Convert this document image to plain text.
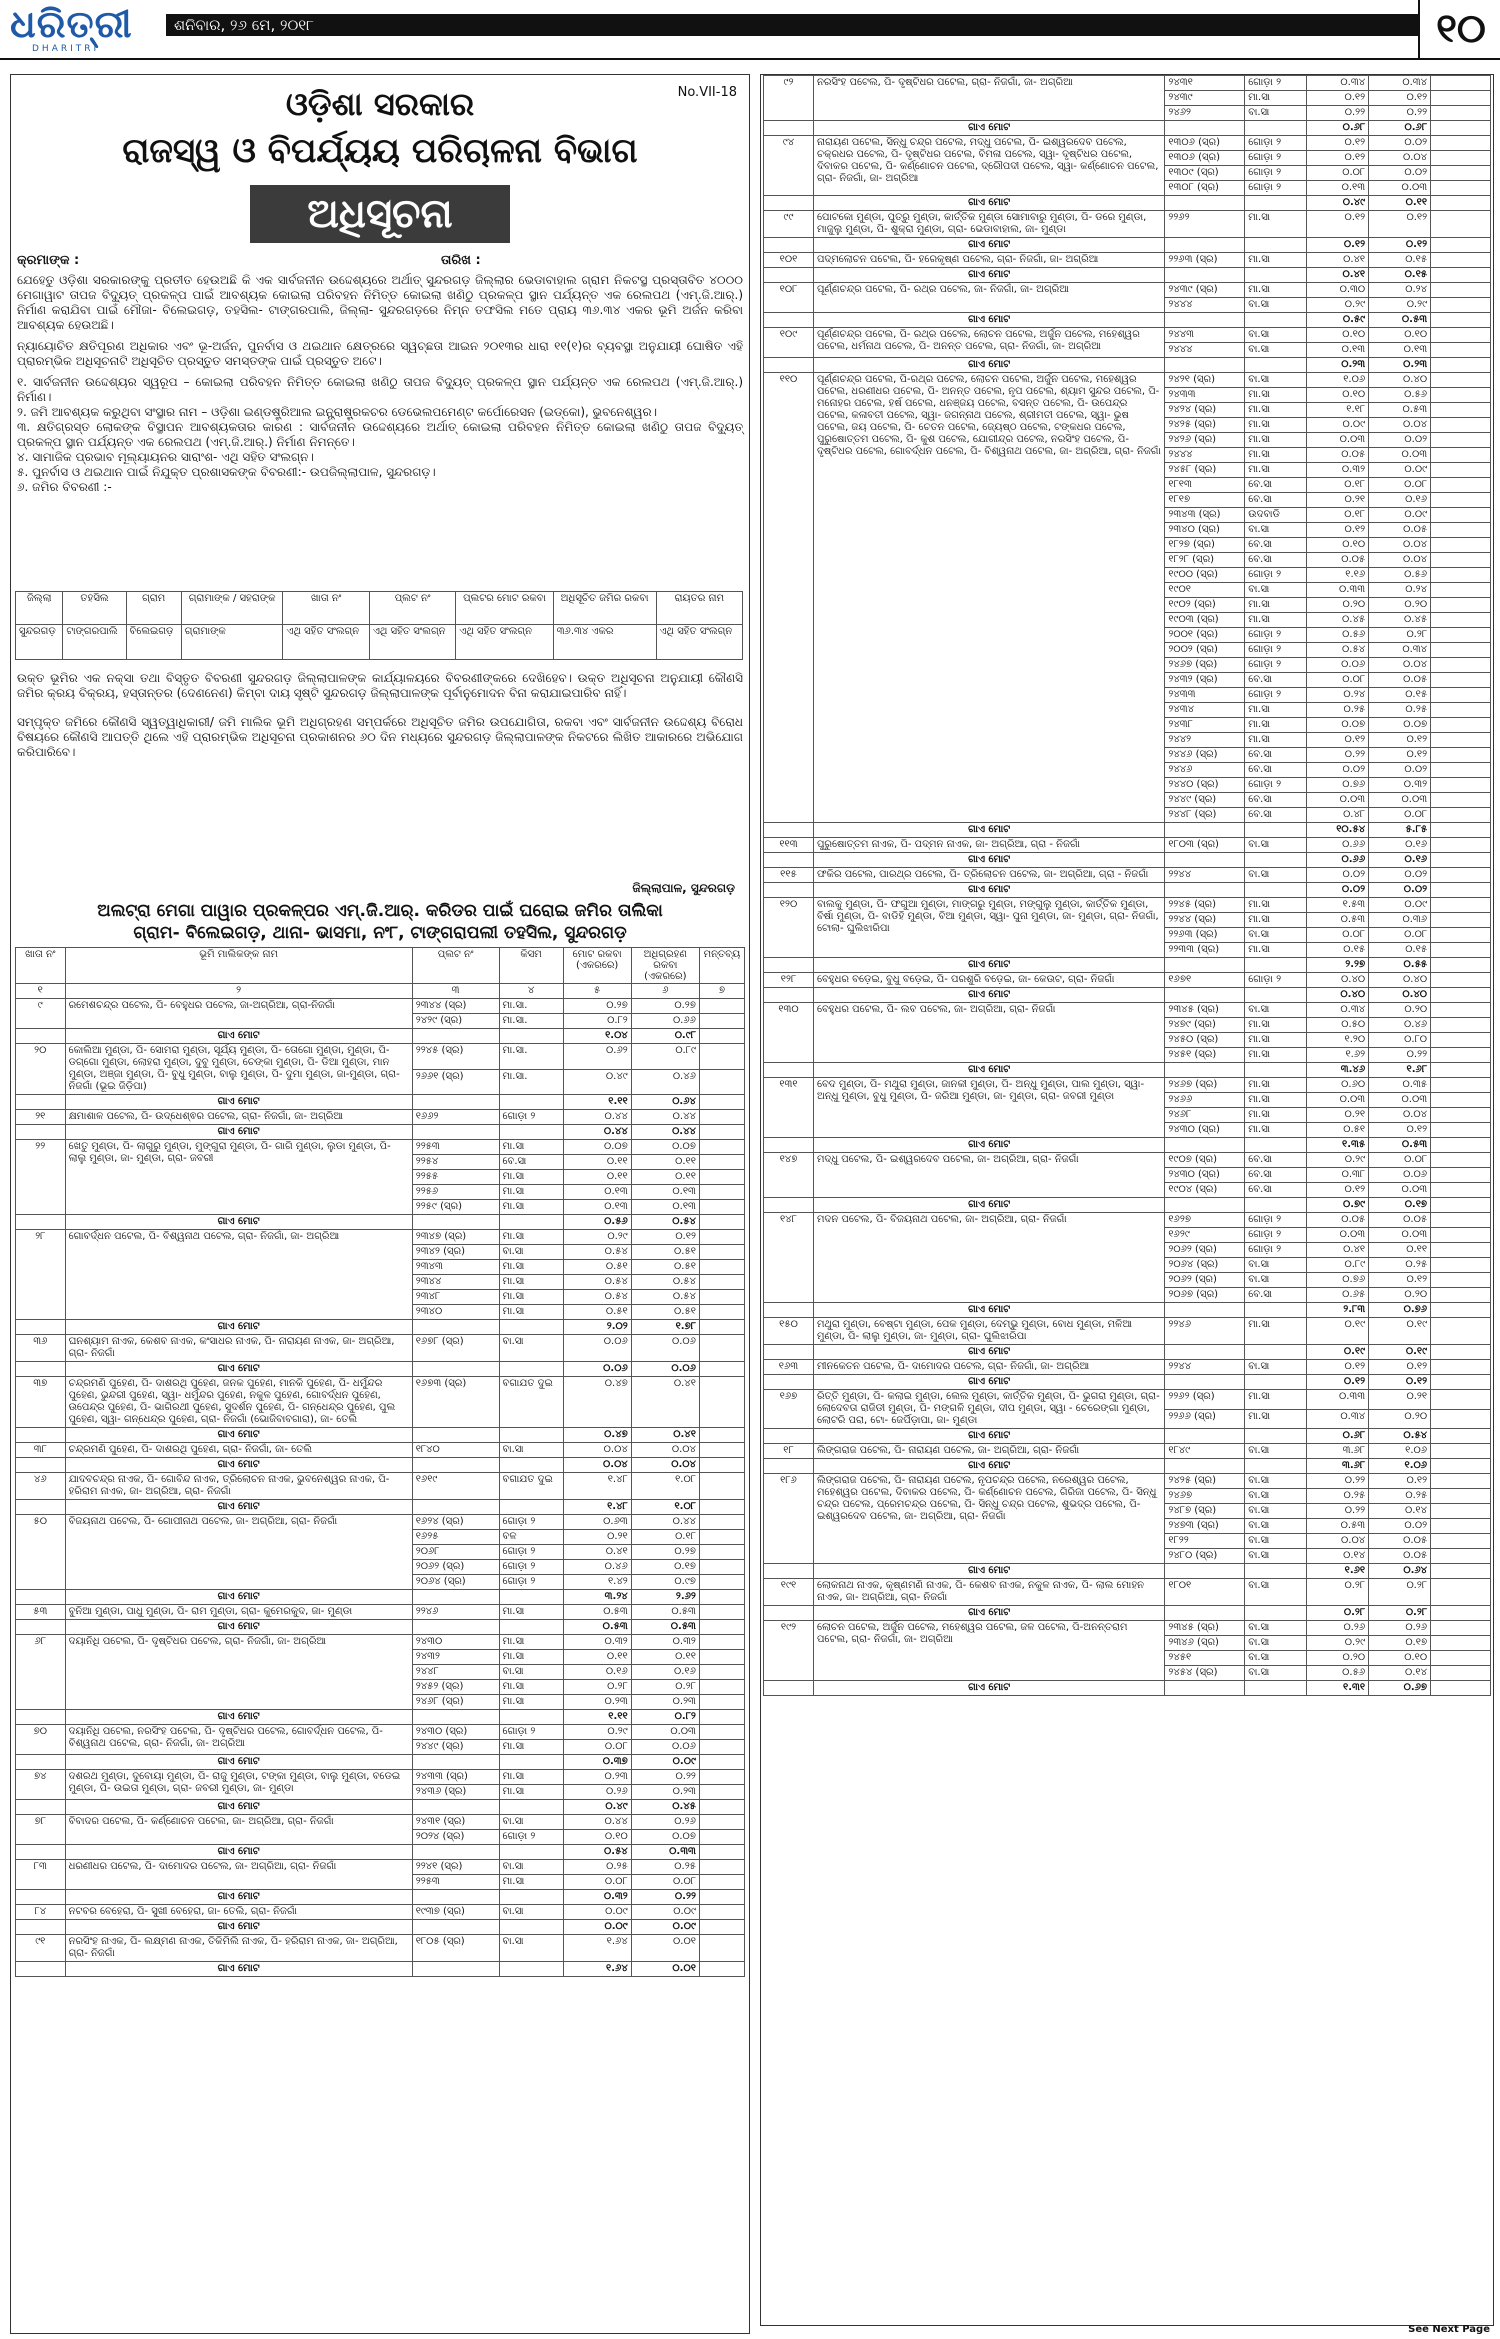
ଧରିତ୍ରୀ
DHARITRI
ଶନିବାର, ୨୬ ମେ, ୨୦୧୮	୧୦
No.VII-18
ଓଡ଼ିଶା ସରକାର
ରାଜସ୍ୱ ଓ ବିପର୍ଯ୍ୟୟ ପରିଚାଳନା ବିଭାଗ
ଅଧିସୂଚନା
କ୍ରମାଙ୍କ :	ତାରିଖ :
ଯେହେତୁ ଓଡ଼ିଶା ସରକାରଙ୍କୁ ପ୍ରତୀତ ହେଉଅଛି କି ଏକ ସାର୍ବଜନୀନ ଉଦ୍ଦେଶ୍ୟରେ ଅର୍ଥାତ୍ ସୁନ୍ଦରଗଡ଼ ଜିଲ୍ଲାର ଭେଡାବାହାଲ ଗ୍ରାମ ନିକଟସ୍ଥ ପ୍ରସ୍ତାବିତ ୪୦୦୦ ମେଗାୱାଟ ତାପଜ ବିଦ୍ୟୁତ୍ ପ୍ରକଳ୍ପ ପାଇଁ ଆବଶ୍ୟକ କୋଇଲା ପରିବହନ ନିମିତ୍ତ କୋଇଲା ଖଣିଠୁ ପ୍ରକଳ୍ପ ସ୍ଥାନ ପର୍ଯ୍ୟନ୍ତ ଏକ ରେଲପଥ (ଏମ୍.ଜି.ଆର୍.) ନିର୍ମାଣ କରାଯିବା ପାଇଁ ମୌଜା- ବିଲେଇଗଡ଼, ତହସିଲ- ଟାଙ୍ଗରପାଲି, ଜିଲ୍ଲା- ସୁନ୍ଦରଗଡ଼ରେ ନିମ୍ନ ତଫସିଲ ମତେ ପ୍ରାୟ ୩୬.୩୪ ଏକର ଭୂମି ଅର୍ଜନ କରିବା ଆବଶ୍ୟକ ହେଉଅଛି।
ନ୍ୟାୟୋଚିତ କ୍ଷତିପୂରଣ ଅଧିକାର ଏବଂ ଭୂ-ଅର୍ଜନ, ପୁନର୍ବାସ ଓ ଥଇଥାନ କ୍ଷେତ୍ରରେ ସ୍ୱଚ୍ଛତା ଆଇନ ୨୦୧୩ର ଧାରା ୧୧(୧)ର ବ୍ୟବସ୍ଥା ଅନୁଯାୟୀ ଘୋଷିତ ଏହି ପ୍ରାରମ୍ଭିକ ଅଧିସୂଚନାଟି ଅଧିସୂଚିତ ପ୍ରସ୍ତୁତ ସମସ୍ତଙ୍କ ପାଇଁ ପ୍ରସ୍ତୁତ ଅଟେ।
୧. ସାର୍ବଜନୀନ ଉଦ୍ଦେଶ୍ୟର ସ୍ୱରୂପ – କୋଇଲା ପରିବହନ ନିମିତ୍ତ କୋଇଲା ଖଣିଠୁ ତାପଜ ବିଦ୍ୟୁତ୍ ପ୍ରକଳ୍ପ ସ୍ଥାନ ପର୍ଯ୍ୟନ୍ତ ଏକ ରେଲପଥ (ଏମ୍.ଜି.ଆର୍.) ନିର୍ମାଣ।
୨. ଜମି ଆବଶ୍ୟକ କରୁଥିବା ସଂସ୍ଥାର ନାମ – ଓଡ଼ିଶା ଇଣ୍ଡଷ୍ଟ୍ରିଆଲ ଇନ୍ଫ୍ରାଷ୍ଟ୍ରକଚର ଡେଭେଲପମେଣ୍ଟ କର୍ପୋରେସନ (ଇଡ୍କୋ), ଭୁବନେଶ୍ୱର।
୩. କ୍ଷତିଗ୍ରସ୍ତ ଲୋକଙ୍କ ବିସ୍ଥାପନ ଆବଶ୍ୟକତାର କାରଣ : ସାର୍ବଜନୀନ ଉଦ୍ଦେଶ୍ୟରେ ଅର୍ଥାତ୍ କୋଇଲା ପରିବହନ ନିମିତ୍ତ କୋଇଲା ଖଣିଠୁ ତାପଜ ବିଦ୍ୟୁତ୍ ପ୍ରକଳ୍ପ ସ୍ଥାନ ପର୍ଯ୍ୟନ୍ତ ଏକ ରେଲପଥ (ଏମ୍.ଜି.ଆର୍.) ନିର୍ମାଣ ନିମନ୍ତେ।
୪. ସାମାଜିକ ପ୍ରଭାବ ମୂଲ୍ୟାୟନର ସାରାଂଶ- ଏଥି ସହିତ ସଂଲଗ୍ନ।
୫. ପୁନର୍ବାସ ଓ ଥଇଥାନ ପାଇଁ ନିଯୁକ୍ତ ପ୍ରଶାସକଙ୍କ ବିବରଣୀ:- ଉପଜିଲ୍ଲାପାଳ, ସୁନ୍ଦରଗଡ଼।
୬. ଜମିର ବିବରଣୀ :-
ଜିଲ୍ଲା	ତହସିଲ	ଗ୍ରାମ	ଗ୍ରାମାଙ୍କ / ସହରାଙ୍କ	ଖାତା ନଂ	ପ୍ଲଟ ନଂ	ପ୍ଲଟର ମୋଟ ରକବା	ଅଧିସୂଚିତ ଜମିର ରକବା	ରାୟତର ନାମ
ସୁନ୍ଦରଗଡ଼	ଟାଙ୍ଗରପାଲି	ବିଲେଇଗଡ଼	ଗ୍ରାମାଙ୍କ	ଏଥି ସହିତ ସଂଲଗ୍ନ	ଏଥି ସହିତ ସଂଲଗ୍ନ	ଏଥି ସହିତ ସଂଲଗ୍ନ	୩୬.୩୪ ଏକର	ଏଥି ସହିତ ସଂଲଗ୍ନ
ଉକ୍ତ ଭୂମିର ଏକ ନକ୍ସା ତଥା ବିସ୍ତୃତ ବିବରଣୀ ସୁନ୍ଦରଗଡ଼ ଜିଲ୍ଲାପାଳଙ୍କ କାର୍ଯ୍ୟାଳୟରେ ବିବରଣୀଙ୍କରେ ଦେଖିହେବ। ଉକ୍ତ ଅଧିସୂଚନା ଅନୁଯାୟୀ କୌଣସି ଜମିର କ୍ରୟ ବିକ୍ରୟ, ହସ୍ତାନ୍ତର (ଦେଣନେଣ) କିମ୍ବା ଦାୟ ସୃଷ୍ଟି ସୁନ୍ଦରଗଡ଼ ଜିଲ୍ଲାପାଳଙ୍କ ପୂର୍ବାନୁମୋଦନ ବିନା କରାଯାଇପାରିବ ନାହିଁ।
ସମ୍ପୃକ୍ତ ଜମିରେ କୌଣସି ସ୍ୱତ୍ୱାଧିକାରୀ/ ଜମି ମାଲିକ ଭୂମି ଅଧିଗ୍ରହଣ ସମ୍ପର୍କରେ ଅଧିସୂଚିତ ଜମିର ଉପଯୋଗିତା, ରକବା ଏବଂ ସାର୍ବଜନୀନ ଉଦ୍ଦେଶ୍ୟ ବିରୋଧ ବିଷୟରେ କୌଣସି ଆପତ୍ତି ଥିଲେ ଏହି ପ୍ରାରମ୍ଭିକ ଅଧିସୂଚନା ପ୍ରକାଶନର ୬୦ ଦିନ ମଧ୍ୟରେ ସୁନ୍ଦରଗଡ଼ ଜିଲ୍ଲାପାଳଙ୍କ ନିକଟରେ ଲିଖିତ ଆକାରରେ ଅଭିଯୋଗ କରିପାରିବେ।
ଜିଲ୍ଲାପାଳ, ସୁନ୍ଦରଗଡ଼
ଅଲଟ୍ରା ମେଗା ପାୱାର ପ୍ରକଳ୍ପର ଏମ୍.ଜି.ଆର୍. କରିଡର ପାଇଁ ଘରୋଇ ଜମିର ତାଲିକା
ଗ୍ରାମ- ବିଲେଇଗଡ଼, ଥାନା- ଭାସମା, ନଂ୮, ଟାଙ୍ଗରାପଲୀ ତହସିଲ, ସୁନ୍ଦରଗଡ଼
ଖାତା ନଂ	ଭୂମି ମାଲିକଙ୍କ ନାମ	ପ୍ଲଟ ନଂ	କିସମ	ମୋଟ ରକବା (ଏକରରେ)	ଅଧିଗ୍ରହଣ ରକବା (ଏକରରେ)	ମନ୍ତବ୍ୟ
୧	୨	୩	୪	୫	୬	୭
୯	ରମେଶଚନ୍ଦ୍ର ପଟେଲ, ପି- ବେହୁଧର ପଟେଲ, ଜା-ଅଗ୍ରିଆ, ଗ୍ରା-ନିଜଗାଁ	୨୩୪୪ (ସ୍ର)	ମା.ସା.	୦.୨୭	୦.୨୭	
		୨୪୨୯ (ସ୍ର)	ମା.ସା.	୦.୮୨	୦.୬୬	
	ଗାଏ ମୋଟ			୧.୦୪	୦.୯୮	
୨୦	କୋଲିଆ ମୁଣ୍ଡା, ପି- ସୋମରା ମୁଣ୍ଡା, ସୂର୍ଯ୍ୟ ମୁଣ୍ଡା, ପି- ତୋଗୋ ମୁଣ୍ଡା, ମୁଣ୍ଡା, ପି- ଡଗ୍ଗୋ ମୁଣ୍ଡା, ଲୋହରା ମୁଣ୍ଡା, ଦୁବୁ ମୁଣ୍ଡା, ଚେଙ୍କା ମୁଣ୍ଡା, ପି- ଡିଆ ମୁଣ୍ଡା, ମାନ ମୁଣ୍ଡା, ଅଞ୍ଜା ମୁଣ୍ଡା, ପି- ବୁଧୁ ମୁଣ୍ଡା, ବାଲୁ ମୁଣ୍ଡା, ପି- ଦୁମା ମୁଣ୍ଡା, ଜା-ମୁଣ୍ଡା, ଗ୍ରା- ନିଜଗାଁ (ଭୂଇ ଜିଡ଼ିପା)	୨୨୪୫ (ସ୍ର)	ମା.ସା.	୦.୬୨	୦.୮୯	
		୨୬୬୧ (ସ୍ର)	ମା.ସା.	୦.୪୯	୦.୪୬	
	ଗାଏ ମୋଟ			୧.୧୧	୦.୬୪	
୨୧	କ୍ଷମାଶାଳ ପଟେଲ, ପି- ଉଦ୍ଧେଶ୍ଵର ପଟେଲ, ଗ୍ରା- ନିଜଗାଁ, ଜା- ଅଗ୍ରିଆ	୧୬୬୨	ଗୋଡ଼ା ୨	୦.୪୪	୦.୪୪	
	ଗାଏ ମୋଟ			୦.୪୪	୦.୪୪	
୨୨	ଖେତୁ ମୁଣ୍ଡା, ପି- ଲାଗୁରୁ ମୁଣ୍ଡା, ମୁଙ୍ଗୁରା ମୁଣ୍ଡା, ପି- ଗାଗି ମୁଣ୍ଡା, ଲୁଡା ମୁଣ୍ଡା, ପି- ଲାଲୁ ମୁଣ୍ଡା, ଜା- ମୁଣ୍ଡା, ଗ୍ରା- ଜବରୀ	୨୨୫୩	ମା.ସା	୦.୦୭	୦.୦୭	
		୨୨୫୪	ବେ.ସା	୦.୧୧	୦.୧୧	
		୨୨୫୫	ମା.ସା	୦.୧୧	୦.୧୧	
		୨୨୫୬	ମା.ସା	୦.୧୩	୦.୧୩	
		୨୨୫୯ (ସ୍ର)	ମା.ସା	୦.୧୩	୦.୧୩	
	ଗାଏ ମୋଟ			୦.୫୬	୦.୫୪	
୨୮	ଗୋବର୍ଦ୍ଧନ ପଟେଲ, ପି- ବିଶ୍ୱନାଥ ପଟେଲ, ଗ୍ରା- ନିଜଗାଁ, ଜା- ଅଗ୍ରିଆ	୨୩୪୭ (ସ୍ର)	ମା.ସା	୦.୨୯	୦.୧୨	
		୨୩୪୨ (ସ୍ର)	ବା.ସା	୦.୫୪	୦.୫୧	
		୨୩୪୩	ମା.ସା	୦.୫୧	୦.୫୧	
		୨୩୪୪	ମା.ସା	୦.୫୪	୦.୫୪	
		୨୩୪୮	ମା.ସା	୦.୫୪	୦.୫୪	
		୨୩୪୦	ମା.ସା	୦.୫୧	୦.୫୧	
	ଗାଏ ମୋଟ			୨.୦୨	୧.୭୮	
୩୬	ଘନଶ୍ୟାମ ନାଏକ, କେଶବ ନାଏକ, କଂସାଧର ନାଏକ, ପି- ନାରାୟଣ ନାଏକ, ଜା- ଅଗ୍ରିଆ, ଗ୍ରା- ନିଜଗାଁ	୧୬୭୮ (ସ୍ର)	ବା.ସା	୦.୦୬	୦.୦୬	
	ଗାଏ ମୋଟ			୦.୦୬	୦.୦୬	
୩୭	ଚନ୍ଦ୍ରମଣି ପୁହେଣ, ପି- ଦାଶରଥି ପୁହେଣ, ଜନକ ପୁହେଣ, ମାନକି ପୁହେଣ, ପି- ଧର୍ମୁନ୍ଦର ପୁହେଣ, ଭୁନ୍ଦରୀ ପୁହେଣ, ସ୍ୱା- ଧର୍ମୁନ୍ଦର ପୁହେଣ, ନକୁଳ ପୁହେଣ, ଗୋବର୍ଦ୍ଧନ ପୁହେଣ, ଉପେନ୍ଦ୍ର ପୁହେଣ, ପି- ଭାଗିରଥୀ ପୁହେଣ, ସୁଦର୍ଶନ ପୁହେଣ, ପି- ଗନ୍ଧେନ୍ଦ୍ର ପୁହେଣ, ପୁଲ ପୁହେଣ, ସ୍ୱା- ଗନ୍ଧେନ୍ଦ୍ର ପୁହେଣ, ଗ୍ରା- ନିଜଗାଁ (ଭୋଜିବାବଗାରା), ଜା- ତେଲି	୧୬୭୩ (ସ୍ର)	ବଗାଯତ ଦୁଇ	୦.୪୭	୦.୪୧	
	ଗାଏ ମୋଟ			୦.୪୭	୦.୪୧	
୩୮	ଚନ୍ଦ୍ରମଣି ପୁହେଣ, ପି- ଦାଶରଥି ପୁହେଣ, ଗ୍ରା- ନିଜଗାଁ, ଜା- ତେଲି	୧୮୪୦	ବା.ସା	୦.୦୪	୦.୦୪	
	ଗାଏ ମୋଟ			୦.୦୪	୦.୦୪	
୪୬	ଯାଦବଚନ୍ଦ୍ର ନାଏକ, ପି- ଗୋବିନ୍ଦ ନାଏକ, ତ୍ରିଲୋଚନ ନାଏକ, ଭୁବନେଶ୍ୱର ନାଏକ, ପି- ହରିରାମ ନାଏକ, ଜା- ଅଗ୍ରିଆ, ଗ୍ରା- ନିଜଗାଁ	୧୬୧୯	ବଗାଯତ ଦୁଇ	୧.୪୮	୧.୦୮	
	ଗାଏ ମୋଟ			୧.୪୮	୧.୦୮	
୫୦	ବିଜୟନାଥ ପଟେଲ, ପି- ଗୋପୀନାଥ ପଟେଲ, ଜା- ଅଗ୍ରିଆ, ଗ୍ରା- ନିଜଗାଁ	୧୬୨୪ (ସ୍ର)	ଗୋଡ଼ା ୨	୦.୬୩	୦.୪୪	
		୧୬୨୫	ବଳ	୦.୨୧	୦.୧୮	
		୨୦୬୮	ଗୋଡ଼ା ୨	୦.୪୧	୦.୨୭	
		୨୦୬୨ (ସ୍ର)	ଗୋଡ଼ା ୨	୦.୪୬	୦.୧୭	
		୨୦୬୪ (ସ୍ର)	ଗୋଡ଼ା ୨	୧.୪୨	୦.୯୭	
	ଗାଏ ମୋଟ			୩.୨୪	୨.୬୨	
୫୩	ବୁନିଆ ମୁଣ୍ଡା, ପାଧୁ ମୁଣ୍ଡା, ପି- ରାମ ମୁଣ୍ଡା, ଗ୍ରା- କୁମେରକୁଦ, ଜା- ମୁଣ୍ଡା	୨୨୪୬	ମା.ସା	୦.୫୩	୦.୫୩	
	ଗାଏ ମୋଟ			୦.୫୩	୦.୫୩	
୬୮	ଦୟାନିଧି ପଟେଲ, ପି- ଦୃଷ୍ଟିଧର ପଟେଲ, ଗ୍ରା- ନିଜଗାଁ, ଜା- ଅଗ୍ରିଆ	୨୪୩୦	ମା.ସା	୦.୩୨	୦.୩୨	
		୨୪୩୨	ମା.ସା	୦.୧୧	୦.୧୧	
		୨୪୪୮	ବା.ସା	୦.୧୬	୦.୧୬	
		୨୪୫୨ (ସ୍ର)	ମା.ସା	୦.୨୮	୦.୨୮	
		୨୪୬୮ (ସ୍ର)	ମା.ସା	୦.୨୩	୦.୨୩	
	ଗାଏ ମୋଟ			୧.୧୧	୦.୮୨	
୭୦	ଦୟାନିଧି ପଟେଲ, ନରସିଂହ ପଟେଲ, ପି- ଦୃଷ୍ଟିଧର ପଟେଲ, ଗୋବର୍ଦ୍ଧନ ପଟେଲ, ପି- ବିଶ୍ୱନାଥ ପଟେଲ, ଗ୍ରା- ନିଜଗାଁ, ଜା- ଅଗ୍ରିଆ	୨୪୩୦ (ସ୍ର)	ଗୋଡ଼ା ୨	୦.୨୯	୦.୦୩	
		୨୪୪୯ (ସ୍ର)	ମା.ସା	୦.୦୮	୦.୦୬	
	ଗାଏ ମୋଟ			୦.୩୭	୦.୦୯	
୭୪	ଦଶରଥ ମୁଣ୍ଡା, ଦୁବୋୟା ମୁଣ୍ଡା, ପି- ରାଜୁ ମୁଣ୍ଡା, ଟଙ୍କା ମୁଣ୍ଡା, ବାଲୁ ମୁଣ୍ଡା, ବଡେଇ ମୁଣ୍ଡା, ପି- ଉଇତା ମୁଣ୍ଡା, ଗ୍ରା- ଜବରୀ ମୁଣ୍ଡା, ଜା- ମୁଣ୍ଡା	୨୪୩୩ (ସ୍ର)	ମା.ସା	୦.୨୩	୦.୨୨	
		୨୪୩୬ (ସ୍ର)	ମା.ସା	୦.୨୬	୦.୨୩	
	ଗାଏ ମୋଟ			୦.୪୯	୦.୪୫	
୭୮	ବିବାଦର ପଟେଲ, ପି- କର୍ଣ୍ଣୋଚନ ପଟେଲ, ଜା- ଅଗ୍ରିଆ, ଗ୍ରା- ନିଜଗାଁ	୨୪୩୧ (ସ୍ର)	ବା.ସା	୦.୪୪	୦.୨୬	
		୨୦୨୪ (ସ୍ର)	ଗୋଡ଼ା ୨	୦.୧୦	୦.୦୭	
	ଗାଏ ମୋଟ			୦.୫୪	୦.୩୩	
୮୩	ଧରଣୀଧର ପଟେଲ, ପି- ଦାମୋଦର ପଟେଲ, ଜା- ଅଗ୍ରିଆ, ଗ୍ରା- ନିଜଗାଁ	୨୨୪୧ (ସ୍ର)	ବା.ସା	୦.୨୫	୦.୨୫	
		୨୨୫୩	ମା.ସା	୦.୦୮	୦.୦୮	
	ଗାଏ ମୋଟ			୦.୩୨	୦.୨୨	
୮୪	ନଟବର ବେହେରା, ପି- ସୁଖୀ ବେହେରା, ଜା- ତେଲି, ଗ୍ରା- ନିଜଗାଁ	୧୯୩୭ (ସ୍ର)	ବା.ସା	୦.୦୯	୦.୦୯	
	ଗାଏ ମୋଟ			୦.୦୯	୦.୦୯	
୯୧	ନରସିଂହ ନାଏକ, ପି- ଲକ୍ଷ୍ମଣ ନାଏକ, ତିକିମିଲି ନାଏକ, ପି- ହରିରାମ ନାଏକ, ଜା- ଅଗ୍ରିଆ, ଗ୍ରା- ନିଜଗାଁ	୧୮୦୫ (ସ୍ର)	ବା.ସା	୧.୬୪	୦.୦୧	
	ଗାଏ ମୋଟ			୧.୬୪	୦.୦୧	
୯୨	ନରସିଂହ ପଟେଲ, ପି- ଦୃଷ୍ଟିଧର ପଟେଲ, ଗ୍ରା- ନିଜଗାଁ, ଜା- ଅଗ୍ରିଆ	୨୪୩୧	ଗୋଡ଼ା ୨	୦.୩୪	୦.୩୪	
		୨୪୩୯	ମା.ସା	୦.୧୨	୦.୧୨	
		୨୪୬୨	ବା.ସା	୦.୨୨	୦.୨୨	
	ଗାଏ ମୋଟ			୦.୬୮	୦.୬୮	
୯୪	ନାରାୟଣ ପଟେଲ, ସିନ୍ଧୁ ଚନ୍ଦ୍ର ପଟେଲ, ମଦ୍ଧୁ ପଟେଲ, ପି- ଇଶ୍ୱରଦେବ ପଟେଲ, ଚକ୍ରଧର ପଟେଲ, ପି- ଦୃଷ୍ଟିଧର ପଟେଲ, ବିମଳା ପଟେଲ, ସ୍ୱା- ଦୃଷ୍ଟିଧର ପଟେଲ, ଦିବାକର ପଟେଲ, ପି- କର୍ଣ୍ଣୋଚନ ପଟେଲ, ଦ୍ରୌପଦୀ ପଟେଲ, ସ୍ୱା- କର୍ଣ୍ଣୋଚନ ପଟେଲ, ଗ୍ରା- ନିଜଗାଁ, ଜା- ଅଗ୍ରିଆ	୧୩୦୬ (ସ୍ର)	ଗୋଡ଼ା ୨	୦.୧୨	୦.୦୨	
		୧୩୦୬ (ସ୍ର)	ଗୋଡ଼ା ୨	୦.୧୨	୦.୦୪	
		୧୩୦୯ (ସ୍ର)	ଗୋଡ଼ା ୨	୦.୦୮	୦.୦୨	
		୧୩୦୮ (ସ୍ର)	ଗୋଡ଼ା ୨	୦.୧୩	୦.୦୩	
	ଗାଏ ମୋଟ			୦.୪୯	୦.୧୧	
୯୯	ପୋଟକୋ ମୁଣ୍ଡା, ପୁତ୍ରୁ ମୁଣ୍ଡା, କାର୍ତ୍ତିକ ମୁଣ୍ଡା ସୋମାବାରୁ ମୁଣ୍ଡା, ପି- ଡରେ ମୁଣ୍ଡା, ମାଜୁଲୁ ମୁଣ୍ଡା, ପି- ଶୁକ୍ରା ମୁଣ୍ଡା, ଗ୍ରା- ଭେଡାବାହାଲ, ଜା- ମୁଣ୍ଡା	୨୨୬୨	ମା.ସା	୦.୧୨	୦.୧୨	
	ଗାଏ ମୋଟ			୦.୧୨	୦.୧୨	
୧୦୧	ପଦ୍ମଲୋଚନ ପଟେଲ, ପି- ହରେକୃଷ୍ଣ ପଟେଲ, ଗ୍ରା- ନିଜଗାଁ, ଜା- ଅଗ୍ରିଆ	୨୨୬୩ (ସ୍ର)	ମା.ସା	୦.୪୧	୦.୧୫	
	ଗାଏ ମୋଟ			୦.୪୧	୦.୧୫	
୧୦୮	ପୂର୍ଣ୍ଣଚନ୍ଦ୍ର ପଟେଲ, ପି- ରଥ୍ର ପଟେଲ, ଜା- ନିଜଗାଁ, ଜା- ଅଗ୍ରିଆ	୨୪୩୯ (ସ୍ର)	ମା.ସା	୦.୩୦	୦.୨୪	
		୨୪୪୪	ବା.ସା	୦.୨୯	୦.୨୯	
	ଗାଏ ମୋଟ			୦.୫୯	୦.୫୩	
୧୦୯	ପୂର୍ଣ୍ଣଚନ୍ଦ୍ର ପଟେଲ, ପି- ରଥ୍ର ପଟେଲ, ଲୋଚନ ପଟେଲ, ଅର୍ଜୁନ ପଟେଲ, ମହେଶ୍ୱର ପଟେଲ, ଧର୍ମନାଥ ପଟେଲ, ପି- ଅନନ୍ତ ପଟେଲ, ଗ୍ରା- ନିଜଗାଁ, ଜା- ଅଗ୍ରିଆ	୨୪୪୩	ବା.ସା	୦.୧୦	୦.୧୦	
		୨୪୪୪	ବା.ସା	୦.୧୩	୦.୧୩	
	ଗାଏ ମୋଟ			୦.୨୩	୦.୨୩	
୧୧୦	ପୂର୍ଣ୍ଣଚନ୍ଦ୍ର ପଟେଲ, ପି-ରଥ୍ର ପଟେଲ, ଲୋଚନ ପଟେଲ, ଅର୍ଜୁନ ପଟେଲ, ମହେଶ୍ୱର ପଟେଲ, ଧରଣୀଧର ପଟେଲ, ପି- ଅନନ୍ତ ପଟେଲ, ନୃପ ପଟେଲ, ଶ୍ୟାମ ସୁନ୍ଦର ପଟେଲ, ପି- ମନୋହର ପଟେଲ, ହର୍ଷ ପଟେଲ, ଧନଞ୍ଜୟ ପଟେଲ, ବସନ୍ତ ପଟେଲ, ପି- ଉପେନ୍ଦ୍ର ପଟେଲ, କଳାବତୀ ପଟେଲ, ସ୍ୱା- ଜଗନ୍ନାଥ ପଟେଲ, ଶ୍ରୀମତୀ ପଟେଲ, ସ୍ୱା- ଭୁଷ ପଟେଲ, ଜୟ ପଟେଲ, ପି- ଚେତନ ପଟେଲ, ଜ୍ୟେଷ୍ଠ ପଟେଲ, ଟଙ୍କଧର ପଟେଲ, ପୁରୁଷୋତ୍ତମ ପଟେଲ, ପି- କୁଶ ପଟେଲ, ଯୋଗୀନ୍ଦ୍ର ପଟେଲ, ନରସିଂହ ପଟେଲ, ପି- ଦୃଷ୍ଟିଧର ପଟେଲ, ଗୋବର୍ଦ୍ଧନ ପଟେଲ, ପି- ବିଶ୍ୱନାଥ ପଟେଲ, ଜା- ଅଗ୍ରିଆ, ଗ୍ରା- ନିଜଗାଁ	୨୪୨୧ (ସ୍ର)	ବା.ସା	୧.୦୬	୦.୪୦	
		୨୪୩୩	ମା.ସା	୦.୧୦	୦.୫୬	
		୨୪୨୪ (ସ୍ର)	ମା.ସା	୧.୧୮	୦.୫୩	
		୨୪୨୫ (ସ୍ର)	ମା.ସା	୦.୦୯	୦.୦୪	
		୨୪୨୬ (ସ୍ର)	ମା.ସା	୦.୦୩	୦.୦୨	
		୨୪୪୪	ମା.ସା	୦.୦୫	୦.୦୩	
		୨୪୫୮ (ସ୍ର)	ମା.ସା	୦.୩୨	୦.୦୯	
		୧୮୧୩	ବେ.ସା	୦.୧୮	୦.୦୮	
		୧୮୧୭	ବେ.ସା	୦.୨୧	୦.୧୬	
		୨୩୪୩ (ସ୍ର)	ଉଦବାଡି	୦.୧୮	୦.୦୯	
		୨୩୪୦ (ସ୍ର)	ବା.ସା	୦.୧୨	୦.୦୫	
		୧୮୨୭ (ସ୍ର)	ବେ.ସା	୦.୧୦	୦.୦୪	
		୧୮୨୮ (ସ୍ର)	ବେ.ସା	୦.୦୫	୦.୦୪	
		୧୯୦୦ (ସ୍ର)	ଗୋଡ଼ା ୨	୧.୧୬	୦.୫୬	
		୧୯୦୧	ବା.ସା	୦.୩୩	୦.୨୪	
		୧୯୦୨ (ସ୍ର)	ମା.ସା	୦.୨୦	୦.୨୦	
		୧୯୦୩ (ସ୍ର)	ମା.ସା	୦.୪୫	୦.୪୫	
		୨୦୦୧ (ସ୍ର)	ଗୋଡ଼ା ୨	୦.୫୬	୦.୨୮	
		୨୦୦୨ (ସ୍ର)	ଗୋଡ଼ା ୨	୦.୫୪	୦.୩୪	
		୨୪୬୭ (ସ୍ର)	ଗୋଡ଼ା ୨	୦.୦୬	୦.୦୪	
		୨୪୩୨ (ସ୍ର)	ବେ.ସା	୦.୦୮	୦.୦୫	
		୨୪୩୩	ଗୋଡ଼ା ୨	୦.୨୪	୦.୧୫	
		୨୪୩୪	ମା.ସା	୦.୨୫	୦.୨୫	
		୨୪୩୮	ମା.ସା	୦.୦୭	୦.୦୭	
		୨୪୪୨	ମା.ସା	୦.୧୨	୦.୧୨	
		୨୪୪୬ (ସ୍ର)	ବେ.ସା	୦.୨୨	୦.୧୨	
		୨୪୪୬	ବେ.ସା	୦.୦୨	୦.୦୨	
		୨୪୪୦ (ସ୍ର)	ଗୋଡ଼ା ୨	୦.୭୬	୦.୩୨	
		୨୪୪୯ (ସ୍ର)	ବେ.ସା	୦.୦୩	୦.୦୩	
		୨୪୪୮ (ସ୍ର)	ବେ.ସା	୦.୪୮	୦.୦୮	
	ଗାଏ ମୋଟ			୧୦.୫୪	୫.୮୫	
୧୧୩	ପୁରୁଷୋତ୍ତମ ନାଏକ, ପି- ପଦ୍ମନ ନାଏକ, ଜା- ଅଗ୍ରିଆ, ଗ୍ରା - ନିଜଗାଁ	୧୮୦୩ (ସ୍ର)	ବା.ସା	୦.୬୬	୦.୧୬	
	ଗାଏ ମୋଟ			୦.୬୬	୦.୧୬	
୧୧୫	ଫକିର ପଟେଲ, ପାରଥ୍ର ପଟେଲ, ପି- ତ୍ରିଲୋଚନ ପଟେଲ, ଜା- ଅଗ୍ରିଆ, ଗ୍ରା - ନିଜଗାଁ	୨୨୪୪	ବା.ସା	୦.୦୨	୦.୦୨	
	ଗାଏ ମୋଟ			୦.୦୨	୦.୦୨	
୧୨୦	ବାଲକୁ ମୁଣ୍ଡା, ପି- ଫଗୁଆ ମୁଣ୍ଡା, ମାଙ୍ଗରୁ ମୁଣ୍ଡା, ମଙ୍ଗୁଲୁ ମୁଣ୍ଡା, କାର୍ତ୍ତିକ ମୁଣ୍ଡା, ବିର୍ଷା ମୁଣ୍ଡା, ପି- ବାଡିହି ମୁଣ୍ଡା, ବିଆ ମୁଣ୍ଡା, ସ୍ୱା- ପୁନା ମୁଣ୍ଡା, ଜା- ମୁଣ୍ଡା, ଗ୍ରା- ନିଜଗାଁ, ଟୋଲା- ଘୁଲିଝାରିପା	୨୨୪୫ (ସ୍ର)	ମା.ସା	୧.୫୩	୦.୦୯	
		୨୨୪୪ (ସ୍ର)	ମା.ସା	୦.୫୩	୦.୩୬	
		୨୨୬୩ (ସ୍ର)	ବା.ସା	୦.୦୮	୦.୦୮	
		୨୨୩୩ (ସ୍ର)	ମା.ସା	୦.୧୫	୦.୧୫	
	ଗାଏ ମୋଟ			୨.୨୭	୦.୫୫	
୧୨୮	ବେହୁଧର ବଡ଼େଇ, ବୁଧୁ ବଡ଼େଇ, ପି- ପରଶୁରି ବଡ଼େଇ, ଜା- କେଉଟ, ଗ୍ରା- ନିଜଗାଁ	୧୬୭୧	ଗୋଡ଼ା ୨	୦.୪୦	୦.୪୦	
	ଗାଏ ମୋଟ			୦.୪୦	୦.୪୦	
୧୩୦	ବେହୁଧର ପଟେଲ, ପି- ଲବ ପଟେଲ, ଜା- ଅଗ୍ରିଆ, ଗ୍ରା- ନିଜଗାଁ	୨୩୪୫ (ସ୍ର)	ବା.ସା	୦.୩୪	୦.୨୦	
		୨୪୭୯ (ସ୍ର)	ମା.ସା	୦.୫୦	୦.୪୬	
		୨୪୫୦ (ସ୍ର)	ମା.ସା	୧.୨୦	୦.୮୦	
		୨୪୫୧ (ସ୍ର)	ମା.ସା	୧.୬୨	୦.୨୨	
	ଗାଏ ମୋଟ			୩.୪୬	୧.୬୮	
୧୩୧	ବେଦ ମୁଣ୍ଡା, ପି- ମଥୁରା ମୁଣ୍ଡା, ଜାନକୀ ମୁଣ୍ଡା, ପି- ଅନ୍ଧୁ ମୁଣ୍ଡା, ପାଲ ମୁଣ୍ଡା, ସ୍ୱା- ଅନ୍ଧୁ ମୁଣ୍ଡା, ବୁଧୁ ମୁଣ୍ଡା, ପି- ଜରିଆ ମୁଣ୍ଡା, ଜା- ମୁଣ୍ଡା, ଗ୍ରା- ଜବରୀ ମୁଣ୍ଡା	୨୪୬୭ (ସ୍ର)	ମା.ସା	୦.୬୦	୦.୩୫	
		୨୪୬୬	ମା.ସା	୦.୦୩	୦.୦୩	
		୨୪୬୮	ମା.ସା	୦.୨୧	୦.୦୪	
		୨୪୩୦ (ସ୍ର)	ମା.ସା	୦.୫୧	୦.୧୨	
	ଗାଏ ମୋଟ			୧.୩୫	୦.୫୩	
୧୪୭	ମଦ୍ଧୁ ପଟେଲ, ପି- ଇଶ୍ୱରଦେବ ପଟେଲ, ଜା- ଅଗ୍ରିଆ, ଗ୍ରା- ନିଜଗାଁ	୧୯୦୭ (ସ୍ର)	ବେ.ସା	୦.୨୯	୦.୦୮	
		୨୪୩୦ (ସ୍ର)	ବେ.ସା	୦.୩୮	୦.୦୬	
		୧୯୦୪ (ସ୍ର)	ବେ.ସା	୦.୧୨	୦.୦୩	
	ଗାଏ ମୋଟ			୦.୭୯	୦.୧୭	
୧୪୮	ମଦନ ପଟେଲ, ପି- ବିଜୟନାଥ ପଟେଲ, ଜା- ଅଗ୍ରିଆ, ଗ୍ରା- ନିଜଗାଁ	୧୬୨୭	ଗୋଡ଼ା ୨	୦.୦୫	୦.୦୫	
		୧୬୨୯	ଗୋଡ଼ା ୨	୦.୦୩	୦.୦୩	
		୨୦୬୨ (ସ୍ର)	ଗୋଡ଼ା ୨	୦.୪୧	୦.୧୧	
		୨୦୬୪ (ସ୍ର)	ବା.ସା	୦.୮୯	୦.୨୫	
		୨୦୬୨ (ସ୍ର)	ବା.ସା	୦.୭୬	୦.୧୨	
		୨୦୬୭ (ସ୍ର)	ବେ.ସା	୦.୬୫	୦.୨୦	
	ଗାଏ ମୋଟ			୨.୮୩	୦.୭୬	
୧୫୦	ମଥୁରା ମୁଣ୍ଡା, ବେଷ୍ଟା ମୁଣ୍ଡା, ପେକ ମୁଣ୍ଡା, ଦେମ୍ଭୁ ମୁଣ୍ଡା, ବୋଧ ମୁଣ୍ଡା, ମଳିଆ ମୁଣ୍ଡା, ପି- ଲାଲୁ ମୁଣ୍ଡା, ଜା- ମୁଣ୍ଡା, ଗ୍ରା- ଘୁଲିଝାରିପା	୨୨୪୬	ମା.ସା	୦.୧୯	୦.୧୯	
	ଗାଏ ମୋଟ			୦.୧୯	୦.୧୯	
୧୬୩	ମୀନକେତନ ପଟେଲ, ପି- ଦାମୋଦର ପଟେଲ, ଗ୍ରା- ନିଜଗାଁ, ଜା- ଅଗ୍ରିଆ	୨୨୪୪	ବା.ସା	୦.୧୨	୦.୧୨	
	ଗାଏ ମୋଟ			୦.୧୨	୦.୧୨	
୧୬୭	ରିତ୍ତି ମୁଣ୍ଡା, ପି- କଲାଇ ମୁଣ୍ଡା, ଲେଲ ମୁଣ୍ଡା, କାର୍ତ୍ତିକ ମୁଣ୍ଡା, ପି- ଭୁଗରା ମୁଣ୍ଡା, ଗ୍ରା- ଲୋଦେବତା ରାଜିଡୀ ମୁଣ୍ଡା, ପି- ମଙ୍ଗଳି ମୁଣ୍ଡା, ଦୀପ ମୁଣ୍ଡା, ସ୍ୱା - ଚେରେଙ୍ଗା ମୁଣ୍ଡା, ଲୋଟରି ପରା, ଟୋ- ଜେର୍ପିଡ଼ାପା, ଜା- ମୁଣ୍ଡା	୨୨୬୨ (ସ୍ର)	ମା.ସା	୦.୩୩	୦.୨୧	
		୨୨୬୬ (ସ୍ର)	ମା.ସା	୦.୩୪	୦.୨୦	
	ଗାଏ ମୋଟ			୦.୬୮	୦.୫୪	
୧୮	ଲିଙ୍ଗରାଜ ପଟେଲ, ପି- ନାରାୟଣ ପଟେଲ, ଜା- ଅଗ୍ରିଆ, ଗ୍ରା- ନିଜଗାଁ	୧୮୪୯	ବା.ସା	୩.୬୮	୧.୦୬	
	ଗାଏ ମୋଟ			୩.୬୮	୧.୦୬	
୧୮୬	ଲିଙ୍ଗରାଜ ପଟେଲ, ପି- ନାରାୟଣ ପଟେଲ, ନୃପଚନ୍ଦ୍ର ପଟେଲ, ନରେଶ୍ୱର ପଟେଲ, ମହେଶ୍ୱର ପଟେଲ, ଦିବାକର ପଟେଲ, ପି- କର୍ଣ୍ଣୋଚନ ପଟେଲ, ଗିରିଜା ପଟେଲ, ପି- ସିନ୍ଧୁ ଚନ୍ଦ୍ର ପଟେଲ, ପ୍ରେମଚନ୍ଦ୍ର ପଟେଲ, ପି- ସିନ୍ଧୁ ଚନ୍ଦ୍ର ପଟେଲ, ଶୁଭଦ୍ର ପଟେଲ, ପି- ଇଶ୍ୱରଦେବ ପଟେଲ, ଜା- ଅଗ୍ରିଆ, ଗ୍ରା- ନିଜଗାଁ	୨୪୨୫ (ସ୍ର)	ବା.ସା	୦.୨୨	୦.୧୨	
		୨୪୬୭	ବା.ସା	୦.୨୫	୦.୨୫	
		୨୪୮୭ (ସ୍ର)	ବା.ସା	୦.୨୨	୦.୧୪	
		୨୪୭୩ (ସ୍ର)	ବା.ସା	୦.୫୩	୦.୦୨	
		୧୮୨୨	ବା.ସା	୦.୦୪	୦.୦୫	
		୨୪୮୦ (ସ୍ର)	ବା.ସା	୦.୧୪	୦.୦୫	
	ଗାଏ ମୋଟ			୧.୬୧	୦.୬୪	
୧୯୧	ଲୋକନାଥ ନାଏକ, କୃଷ୍ଣମଣି ନାଏକ, ପି- କେଶବ ନାଏକ, ନକୁଳ ନାଏକ, ପି- ଲାଲ ମୋହନ ନାଏକ, ଜା- ଅଗ୍ରିଆ, ଗ୍ରା- ନିଜଗାଁ	୧୮୦୧	ବା.ସା	୦.୨୮	୦.୨୮	
	ଗାଏ ମୋଟ			୦.୨୮	୦.୨୮	
୧୯୨	ଲୋଚନ ପଟେଲ, ଅର୍ଜୁନ ପଟେଲ, ମହେଶ୍ୱର ପଟେଲ, ଜଳ ପଟେଲ, ପି-ଅନନ୍ତରାମ ପଟେଲ, ଗ୍ରା- ନିଜଗାଁ, ଜା- ଅଗ୍ରିଆ	୨୩୪୫ (ସ୍ର)	ବା.ସା	୦.୨୬	୦.୨୬	
		୨୩୪୬ (ସ୍ର)	ବା.ସା	୦.୨୯	୦.୧୭	
		୨୪୫୧	ବା.ସା	୦.୨୦	୦.୧୦	
		୨୪୫୪ (ସ୍ର)	ବା.ସା	୦.୫୬	୦.୧୪	
	ଗାଏ ମୋଟ			୧.୩୧	୦.୬୭	
See Next Page
